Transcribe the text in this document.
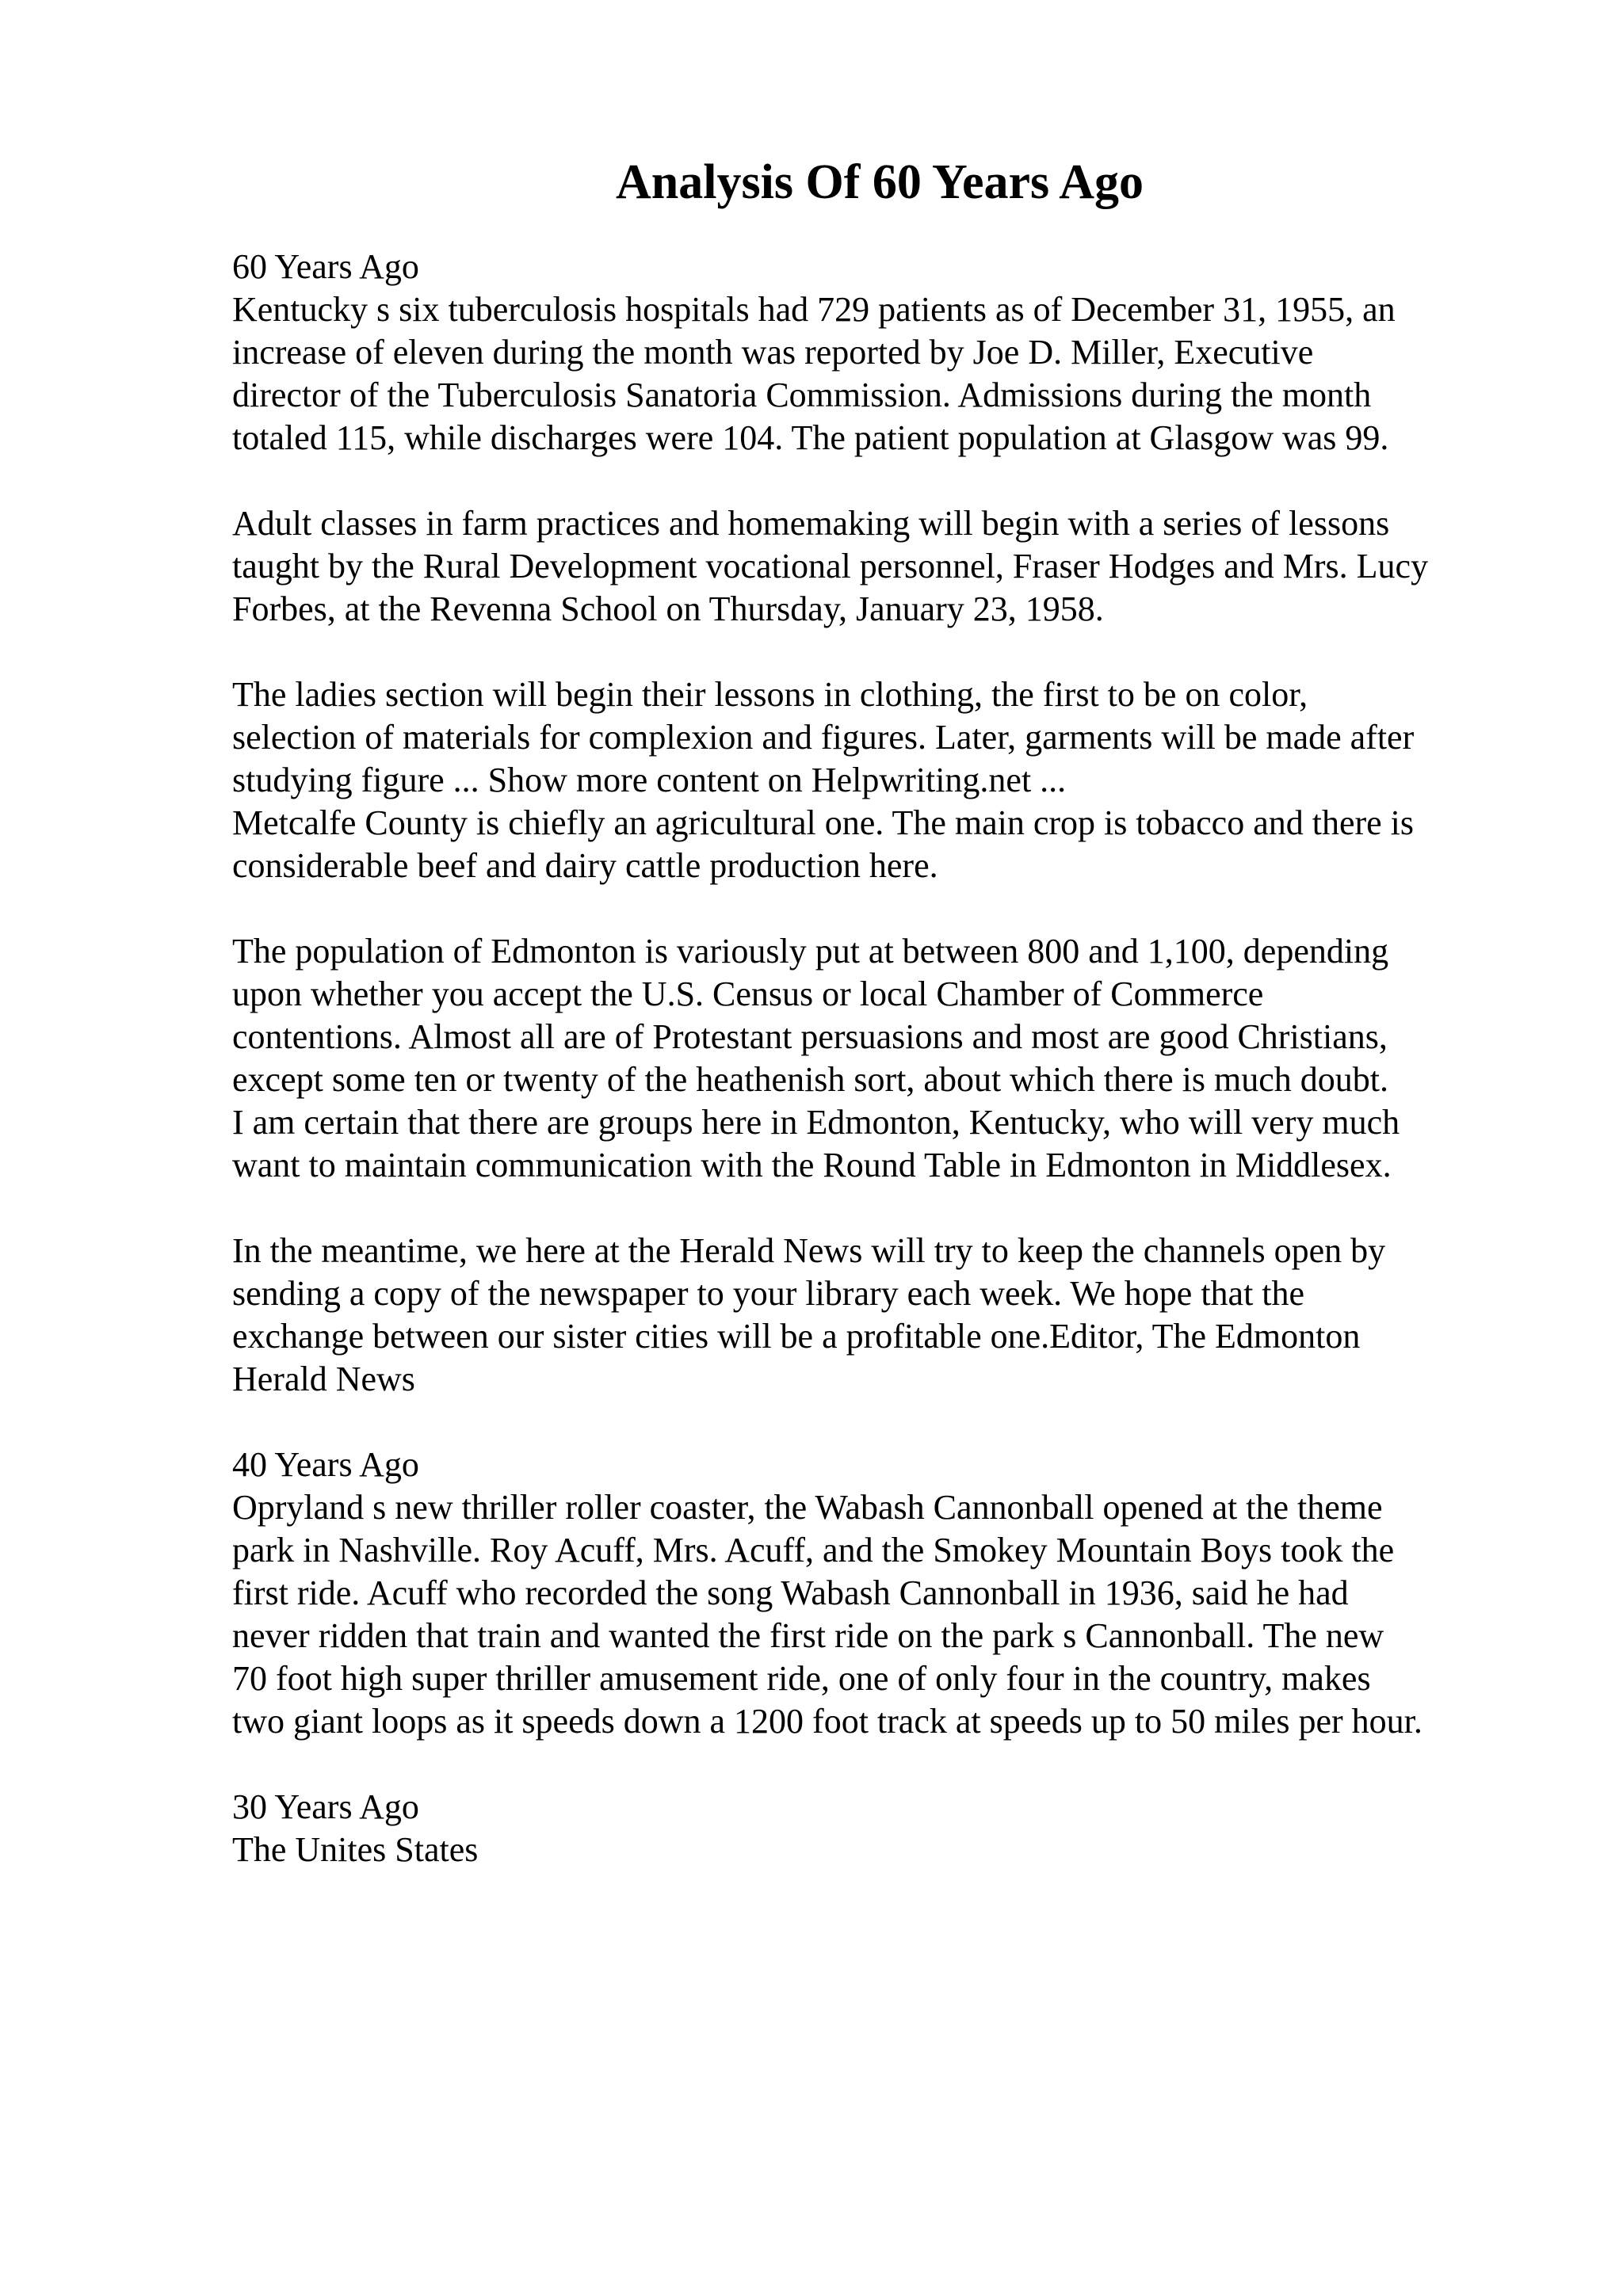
Analysis Of 60 Years Ago
60 Years Ago
Kentucky s six tuberculosis hospitals had 729 patients as of December 31, 1955, an
increase of eleven during the month was reported by Joe D. Miller, Executive
director of the Tuberculosis Sanatoria Commission. Admissions during the month
totaled 115, while discharges were 104. The patient population at Glasgow was 99.
Adult classes in farm practices and homemaking will begin with a series of lessons
taught by the Rural Development vocational personnel, Fraser Hodges and Mrs. Lucy
Forbes, at the Revenna School on Thursday, January 23, 1958.
The ladies section will begin their lessons in clothing, the first to be on color,
selection of materials for complexion and figures. Later, garments will be made after
studying figure ... Show more content on Helpwriting.net ...
Metcalfe County is chiefly an agricultural one. The main crop is tobacco and there is
considerable beef and dairy cattle production here.
The population of Edmonton is variously put at between 800 and 1,100, depending
upon whether you accept the U.S. Census or local Chamber of Commerce
contentions. Almost all are of Protestant persuasions and most are good Christians,
except some ten or twenty of the heathenish sort, about which there is much doubt.
I am certain that there are groups here in Edmonton, Kentucky, who will very much
want to maintain communication with the Round Table in Edmonton in Middlesex.
In the meantime, we here at the Herald News will try to keep the channels open by
sending a copy of the newspaper to your library each week. We hope that the
exchange between our sister cities will be a profitable one.Editor, The Edmonton
Herald News
40 Years Ago
Opryland s new thriller roller coaster, the Wabash Cannonball opened at the theme
park in Nashville. Roy Acuff, Mrs. Acuff, and the Smokey Mountain Boys took the
first ride. Acuff who recorded the song Wabash Cannonball in 1936, said he had
never ridden that train and wanted the first ride on the park s Cannonball. The new
70 foot high super thriller amusement ride, one of only four in the country, makes
two giant loops as it speeds down a 1200 foot track at speeds up to 50 miles per hour.
30 Years Ago
The Unites States
